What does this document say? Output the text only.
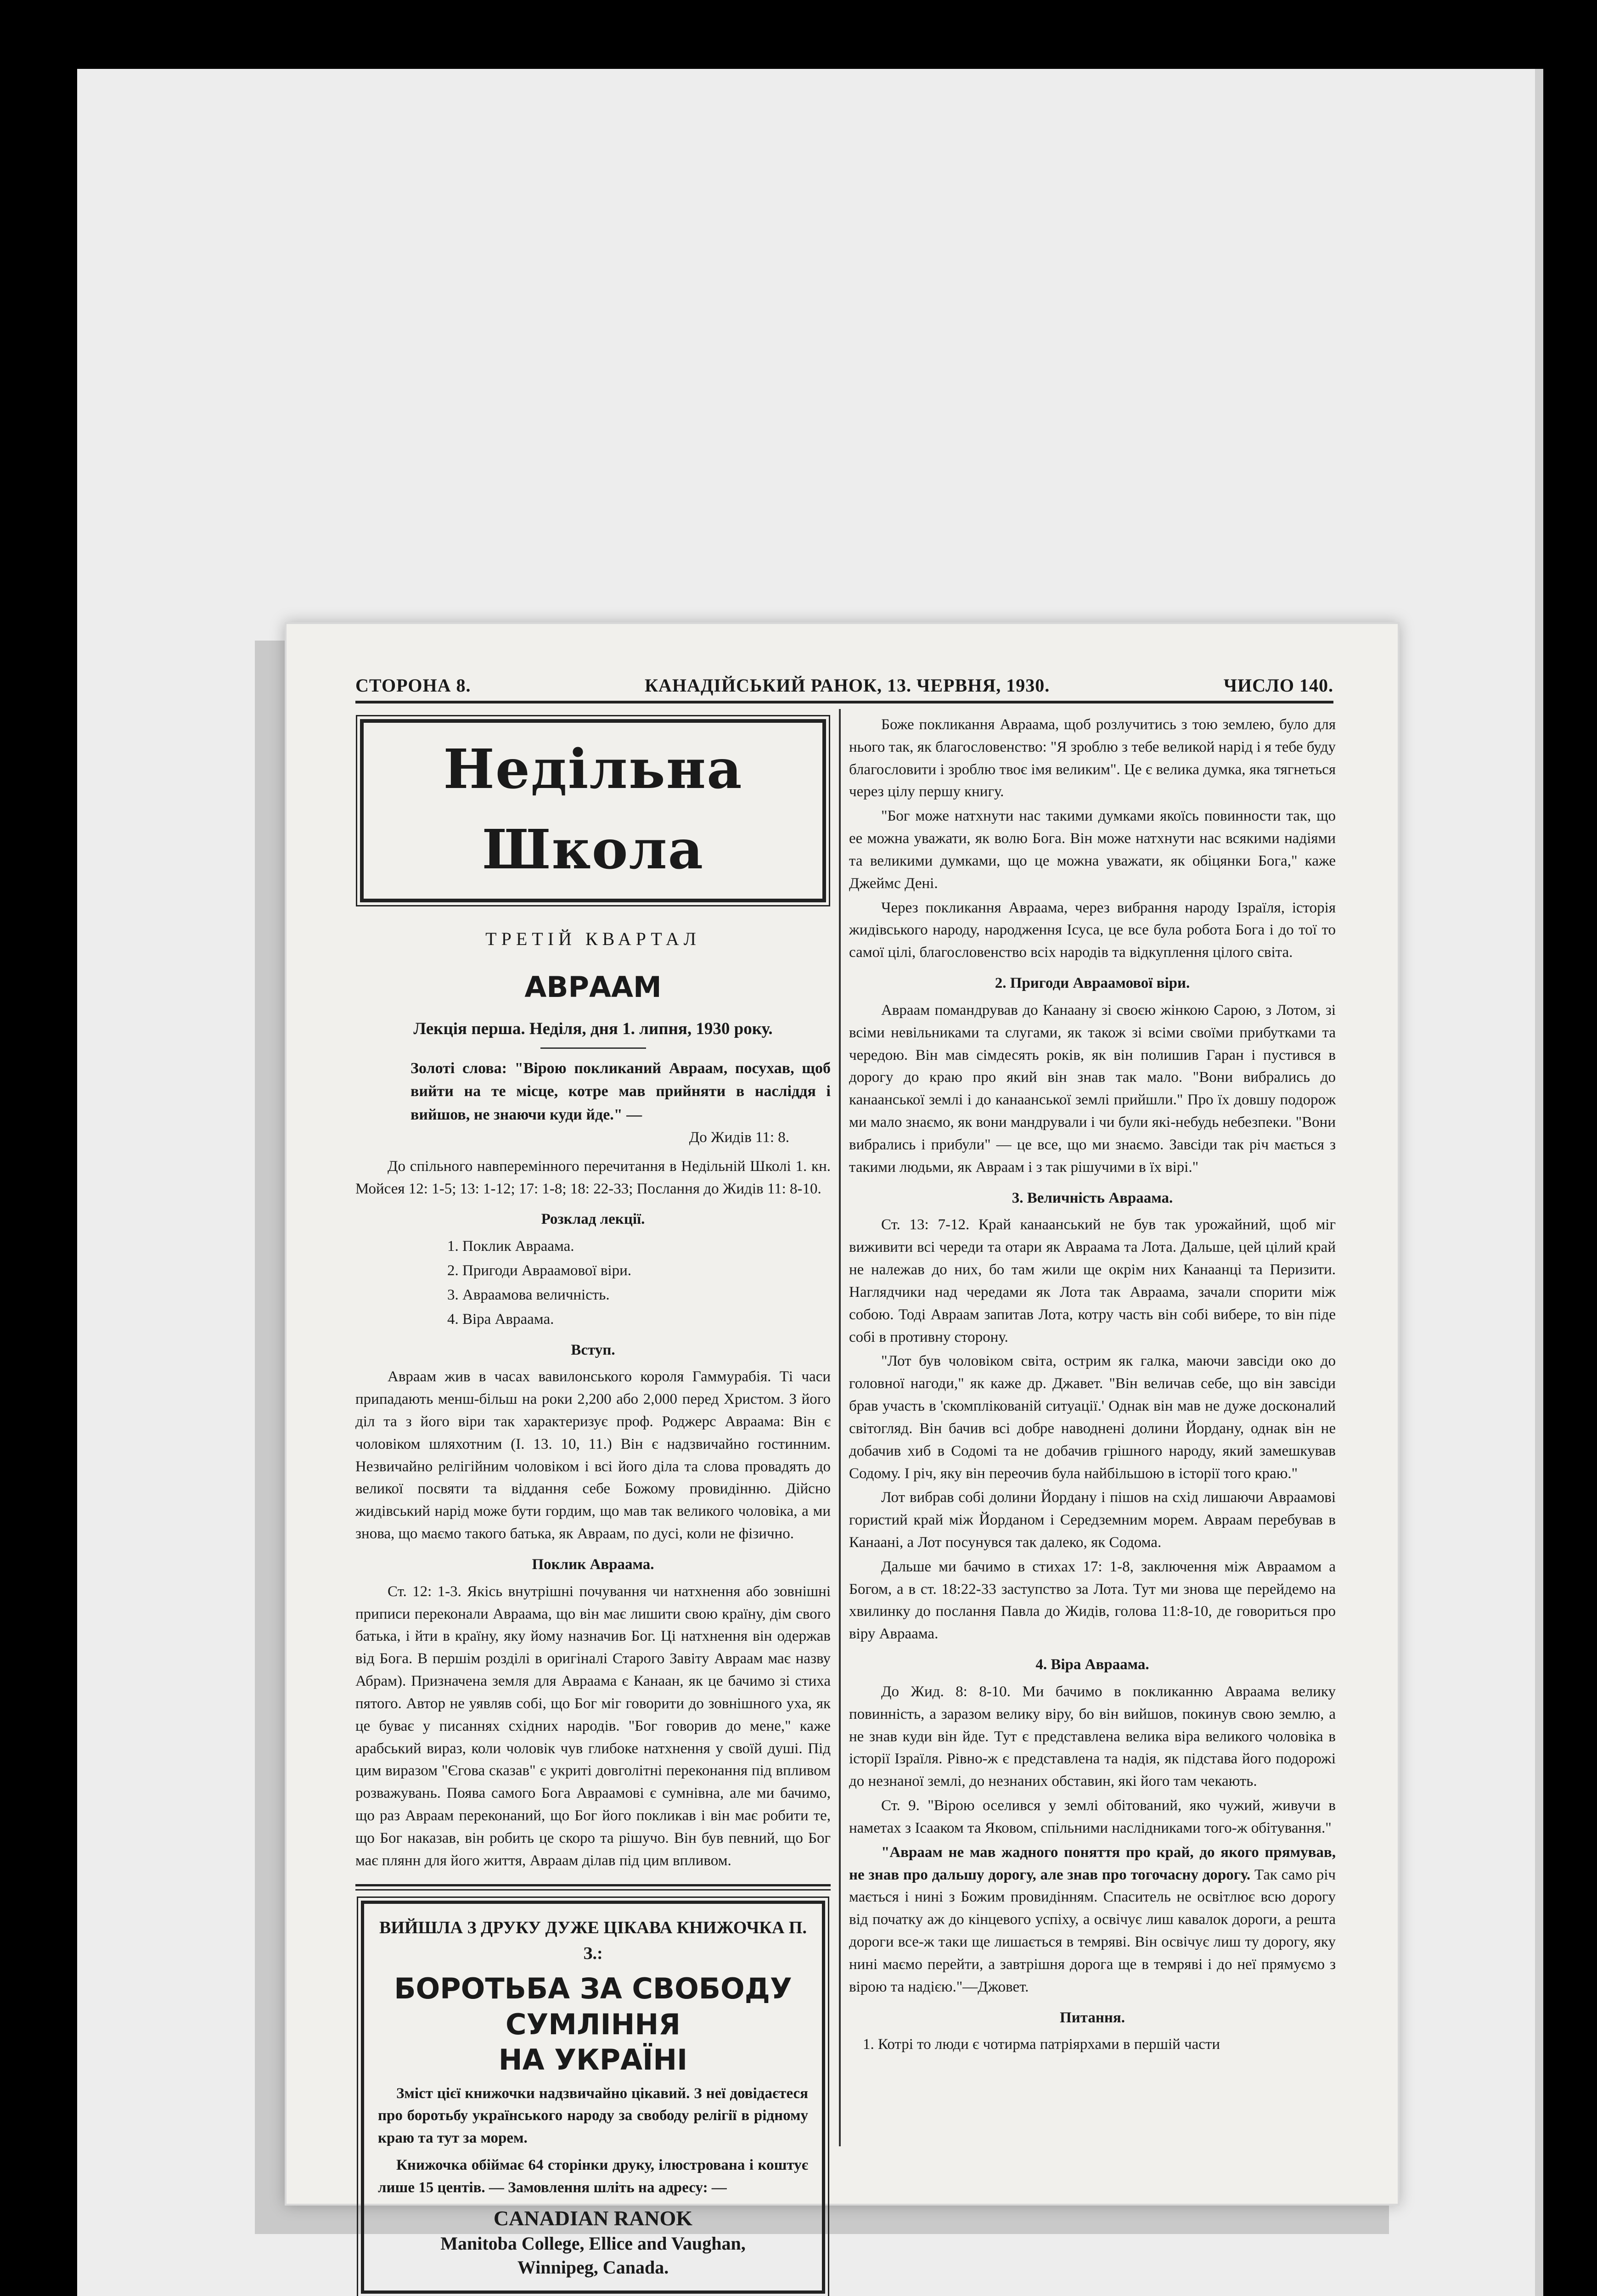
СТОРОНА 8.	КАНАДІЙСЬКИЙ РАНОК, 13. ЧЕРВНЯ, 1930.	ЧИСЛО 140.
Недільна Школа
ТРЕТІЙ КВАРТАЛ
АВРААМ
Лекція перша. Неділя, дня 1. липня, 1930 року.
Золоті слова: "Вірою покликаний Авраам, посухав, щоб вийти на те місце, котре мав прийняти в насліддя і вийшов, не знаючи куди йде." —
До Жидів 11: 8.

До спільного навперемінного перечитання в Недільній Школі 1. кн. Мойсея 12: 1-5; 13: 1-12; 17: 1-8; 18: 22-33; Послання до Жидів 11: 8-10.

Розклад лекції.
1. Поклик Авраама.
2. Пригоди Авраамової віри.
3. Авраамова величність.
4. Віра Авраама.
Вступ.

Авраам жив в часах вавилонського короля Гаммурабія. Ті часи припадають менш-більш на роки 2,200 або 2,000 перед Христом. З його діл та з його віри так характеризує проф. Роджерс Авраама: Він є чоловіком шляхотним (І. 13. 10, 11.) Він є надзвичайно гостинним. Незвичайно релігійним чоловіком і всі його діла та слова провадять до великої посвяти та віддання себе Божому провидінню. Дійсно жидівський нарід може бути гордим, що мав так великого чоловіка, а ми знова, що маємо такого батька, як Авраам, по дусі, коли не фізично.

Поклик Авраама.

Ст. 12: 1-3. Якісь внутрішні почування чи натхнення або зовнішні приписи переконали Авраама, що він має лишити свою країну, дім свого батька, і йти в країну, яку йому назначив Бог. Ці натхнення він одержав від Бога. В першім розділі в оригіналі Старого Завіту Авраам має назву Абрам). Призначена земля для Авраама є Канаан, як це бачимо зі стиха пятого. Автор не уявляв собі, що Бог міг говорити до зовнішного уха, як це буває у писаннях східних народів. "Бог говорив до мене," каже арабський вираз, коли чоловік чув глибоке натхнення у своїй душі. Під цим виразом "Єгова сказав" є укриті довголітні переконання під впливом розважувань. Поява самого Бога Авраамові є сумнівна, але ми бачимо, що раз Авраам переконаний, що Бог його покликав і він має робити те, що Бог наказав, він робить це скоро та рішучо. Він був певний, що Бог має плянн для його життя, Авраам ділав під цим впливом.

ВИЙШЛА З ДРУКУ ДУЖЕ ЦІКАВА КНИЖОЧКА П. З.:
БОРОТЬБА ЗА СВОБОДУ СУМЛІННЯ
НА УКРАЇНІ
Зміст цієї книжочки надзвичайно цікавий. З неї довідаєтеся про боротьбу українського народу за свободу релігії в рідному краю та тут за морем.
Книжочка обіймає 64 сторінки друку, ілюстрована і коштує лише 15 центів. — Замовлення шліть на адресу: —
CANADIAN RANOK
Manitoba College, Ellice and Vaughan,
Winnipeg, Canada.

Боже покликання Авраама, щоб розлучитись з тою землею, було для нього так, як благословенство: "Я зроблю з тебе великой нарід і я тебе буду благословити і зроблю твоє імя великим". Це є велика думка, яка тягнеться через цілу першу книгу.

"Бог може натхнути нас такими думками якоїсь повинности так, що ее можна уважати, як волю Бога. Він може натхнути нас всякими надіями та великими думками, що це можна уважати, як обіцянки Бога," каже Джеймс Дені.

Через покликання Авраама, через вибрання народу Ізраїля, історія жидівського народу, народження Ісуса, це все була робота Бога і до тої то самої цілі, благословенство всіх народів та відкуплення цілого світа.

2. Пригоди Авраамової віри.

Авраам помандрував до Канаану зі своєю жінкою Сарою, з Лотом, зі всіми невільниками та слугами, як також зі всіми своїми прибутками та чередою. Він мав сімдесять років, як він полишив Гаран і пустився в дорогу до краю про який він знав так мало. "Вони вибрались до канаанської землі і до канаанської землі прийшли." Про їх довшу подорож ми мало знаємо, як вони мандрували і чи були які-небудь небезпеки. "Вони вибрались і прибули" — це все, що ми знаємо. Завсіди так річ мається з такими людьми, як Авраам і з так рішучими в їх вірі."

3. Величність Авраама.

Ст. 13: 7-12. Край канаанський не був так урожайний, щоб міг виживити всі череди та отари як Авраама та Лота. Дальше, цей цілий край не належав до них, бо там жили ще окрім них Канаанці та Перизити. Наглядчики над чередами як Лота так Авраама, зачали спорити між собою. Тоді Авраам запитав Лота, котру часть він собі вибере, то він піде собі в противну сторону.

"Лот був чоловіком світа, острим як галка, маючи завсіди око до головної нагоди," як каже др. Джавет. "Він величав себе, що він завсіди брав участь в 'скомплікованій ситуації.' Однак він мав не дуже досконалий світогляд. Він бачив всі добре наводнені долини Йордану, однак він не добачив хиб в Содомі та не добачив грішного народу, який замешкував Содому. І річ, яку він переочив була найбільшою в історії того краю."

Лот вибрав собі долини Йордану і пішов на схід лишаючи Авраамові гористий край між Йорданом і Середземним морем. Авраам перебував в Канаані, а Лот посунувся так далеко, як Содома.

Дальше ми бачимо в стихах 17: 1-8, заключення між Авраамом а Богом, а в ст. 18:22-33 заступство за Лота. Тут ми знова ще перейдемо на хвилинку до послання Павла до Жидів, голова 11:8-10, де говориться про віру Авраама.

4. Віра Авраама.

До Жид. 8: 8-10. Ми бачимо в покликанню Авраама велику повинність, а заразом велику віру, бо він вийшов, покинув свою землю, а не знав куди він йде. Тут є представлена велика віра великого чоловіка в історії Ізраїля. Рівно-ж є представлена та надія, як підстава його подорожі до незнаної землі, до незнаних обставин, які його там чекають.

Ст. 9. "Вірою оселився у землі обітований, яко чужий, живучи в наметах з Ісааком та Яковом, спільними наслідниками того-ж обітування."

"Авраам не мав жадного поняття про край, до якого прямував, не знав про дальшу дорогу, але знав про тогочасну дорогу. Так само річ мається і нині з Божим провидінням. Спаситель не освітлює всю дорогу від початку аж до кінцевого успіху, а освічує лиш кавалок дороги, а решта дороги все-ж таки ще лишається в темряві. Він освічує лиш ту дорогу, яку нині маємо перейти, а завтрішня дорога ще в темряві і до неї прямуємо з вірою та надією."—Джовет.

Питання.

1. Котрі то люди є чотирма патріярхами в першій части
